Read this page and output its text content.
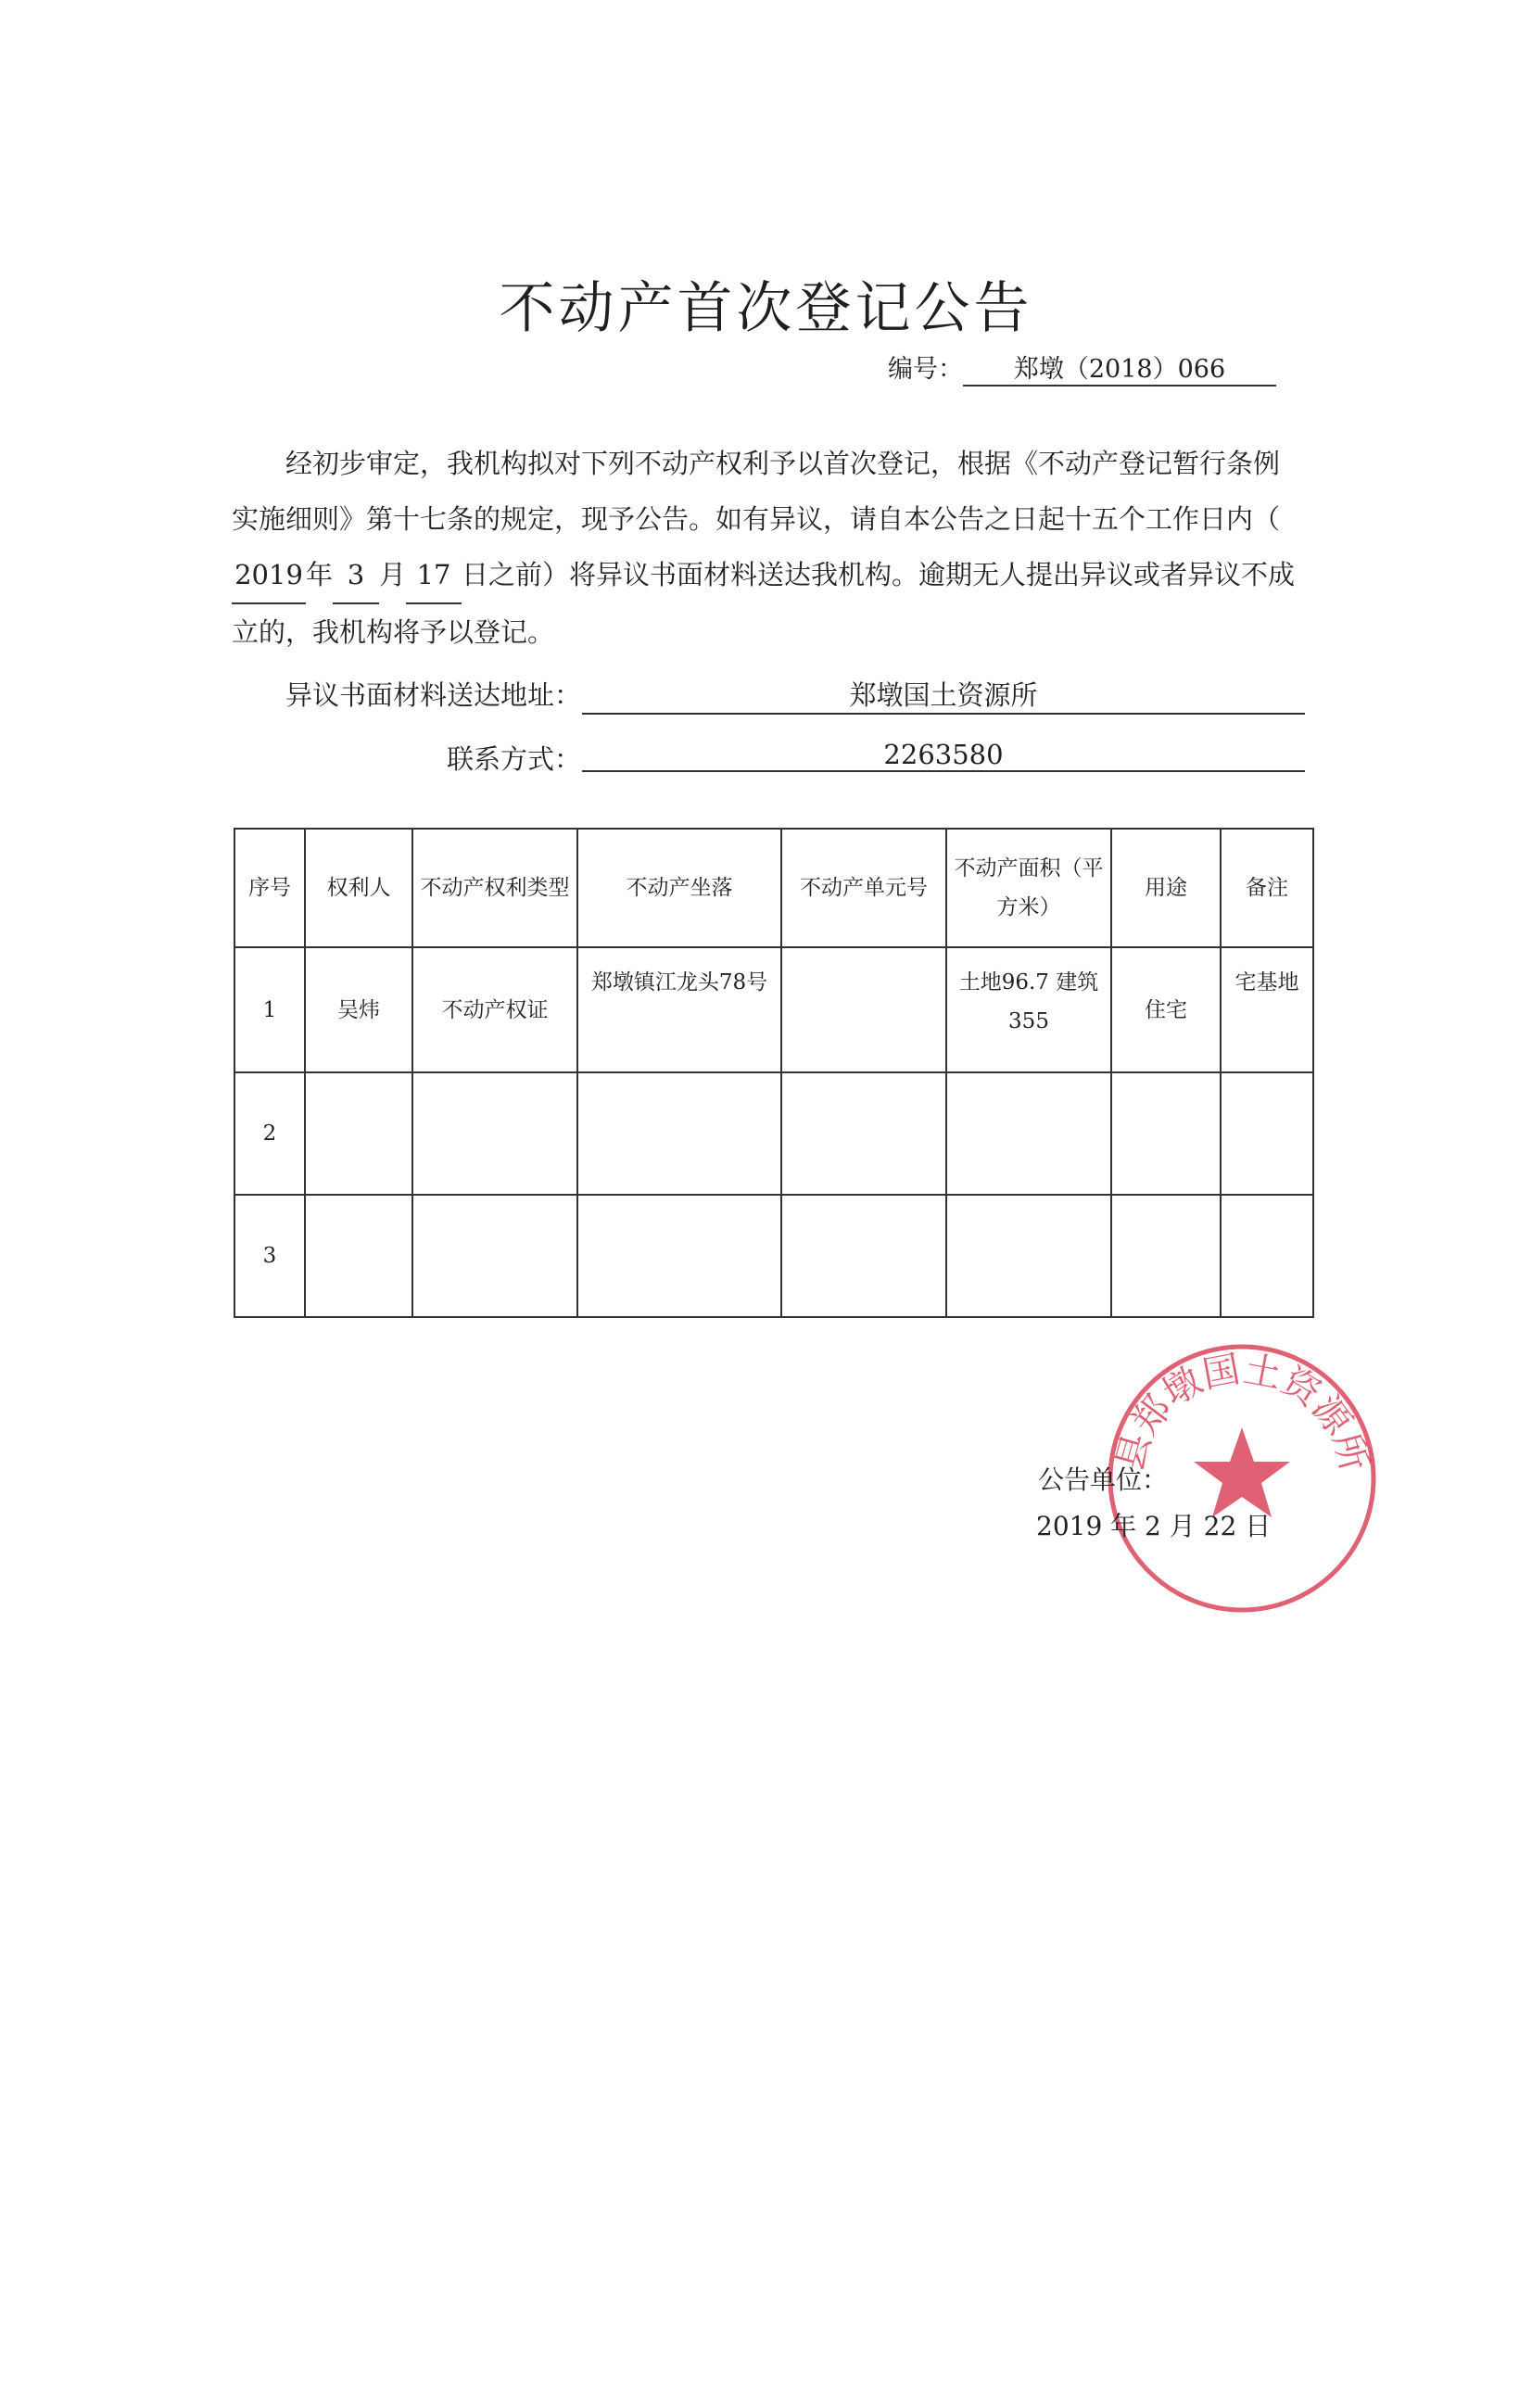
不动产首次登记公告
编号： 郑墩（2018）066

经初步审定，我机构拟对下列不动产权利予以首次登记，根据《不动产登记暂行条例实施细则》第十七条的规定，现予公告。如有异议，请自本公告之日起十五个工作日内（2019 年 3 月 17 日之前）将异议书面材料送达我机构。逾期无人提出异议或者异议不成立的，我机构将予以登记。

异议书面材料送达地址：	郑墩国土资源所
联系方式：	2263580
序号	权利人	不动产权利类型	不动产坐落	不动产单元号	不动产面积（平方米）	用途	备注
1	吴炜	不动产权证	郑墩镇江龙头78号		土地96.7 建筑355	住宅	宅基地
2							
3							
县郑墩国土资源所
公告单位：
2019 年 2 月 22 日
